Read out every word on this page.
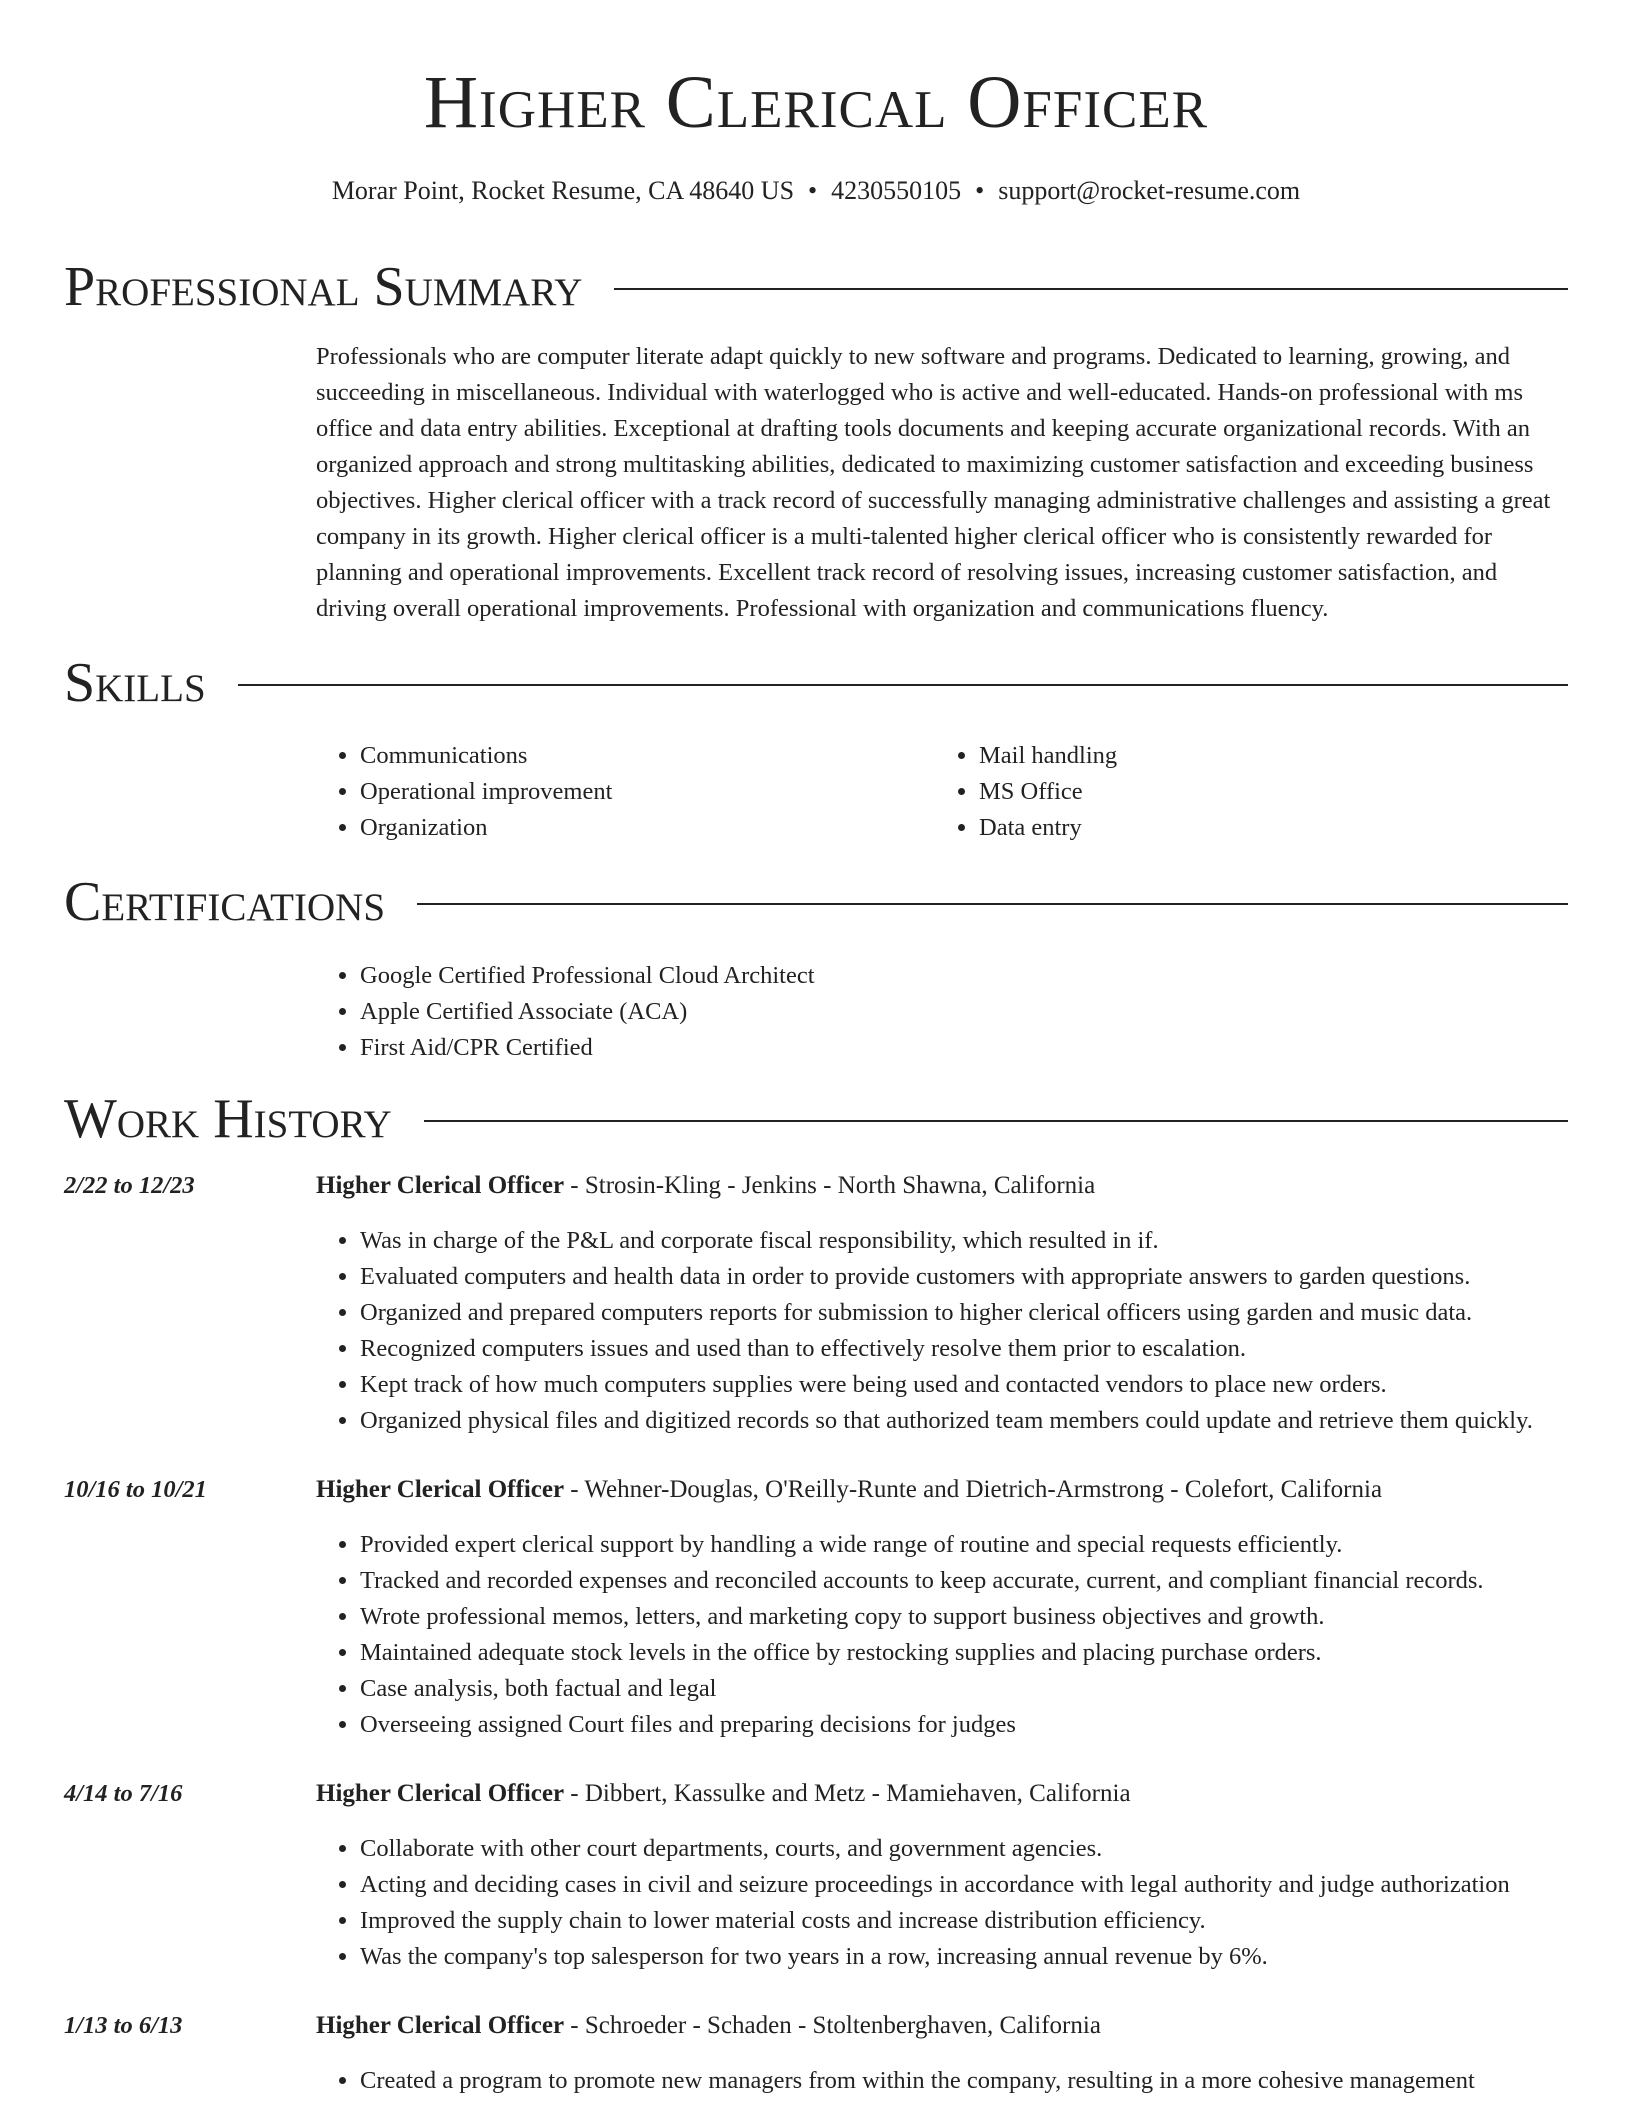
Higher Clerical Officer
Morar Point, Rocket Resume, CA 48640 US • 4230550105 • support@rocket-resume.com
Professional Summary

Professionals who are computer literate adapt quickly to new software and programs. Dedicated to learning, growing, and succeeding in miscellaneous. Individual with waterlogged who is active and well-educated. Hands-on professional with ms office and data entry abilities. Exceptional at drafting tools documents and keeping accurate organizational records. With an organized approach and strong multitasking abilities, dedicated to maximizing customer satisfaction and exceeding business objectives. Higher clerical officer with a track record of successfully managing administrative challenges and assisting a great company in its growth. Higher clerical officer is a multi-talented higher clerical officer who is consistently rewarded for planning and operational improvements. Excellent track record of resolving issues, increasing customer satisfaction, and driving overall operational improvements. Professional with organization and communications fluency.

Skills
• Communications
• Operational improvement
• Organization
• Mail handling
• MS Office
• Data entry
Certifications
• Google Certified Professional Cloud Architect
• Apple Certified Associate (ACA)
• First Aid/CPR Certified
Work History
2/22 to 12/23	Higher Clerical Officer - Strosin-Kling - Jenkins - North Shawna, California
• Was in charge of the P&L and corporate fiscal responsibility, which resulted in if.
• Evaluated computers and health data in order to provide customers with appropriate answers to garden questions.
• Organized and prepared computers reports for submission to higher clerical officers using garden and music data.
• Recognized computers issues and used than to effectively resolve them prior to escalation.
• Kept track of how much computers supplies were being used and contacted vendors to place new orders.
• Organized physical files and digitized records so that authorized team members could update and retrieve them quickly.
10/16 to 10/21	Higher Clerical Officer - Wehner-Douglas, O'Reilly-Runte and Dietrich-Armstrong - Colefort, California
• Provided expert clerical support by handling a wide range of routine and special requests efficiently.
• Tracked and recorded expenses and reconciled accounts to keep accurate, current, and compliant financial records.
• Wrote professional memos, letters, and marketing copy to support business objectives and growth.
• Maintained adequate stock levels in the office by restocking supplies and placing purchase orders.
• Case analysis, both factual and legal
• Overseeing assigned Court files and preparing decisions for judges
4/14 to 7/16	Higher Clerical Officer - Dibbert, Kassulke and Metz - Mamiehaven, California
• Collaborate with other court departments, courts, and government agencies.
• Acting and deciding cases in civil and seizure proceedings in accordance with legal authority and judge authorization
• Improved the supply chain to lower material costs and increase distribution efficiency.
• Was the company's top salesperson for two years in a row, increasing annual revenue by 6%.
1/13 to 6/13	Higher Clerical Officer - Schroeder - Schaden - Stoltenberghaven, California
• Created a program to promote new managers from within the company, resulting in a more cohesive management
